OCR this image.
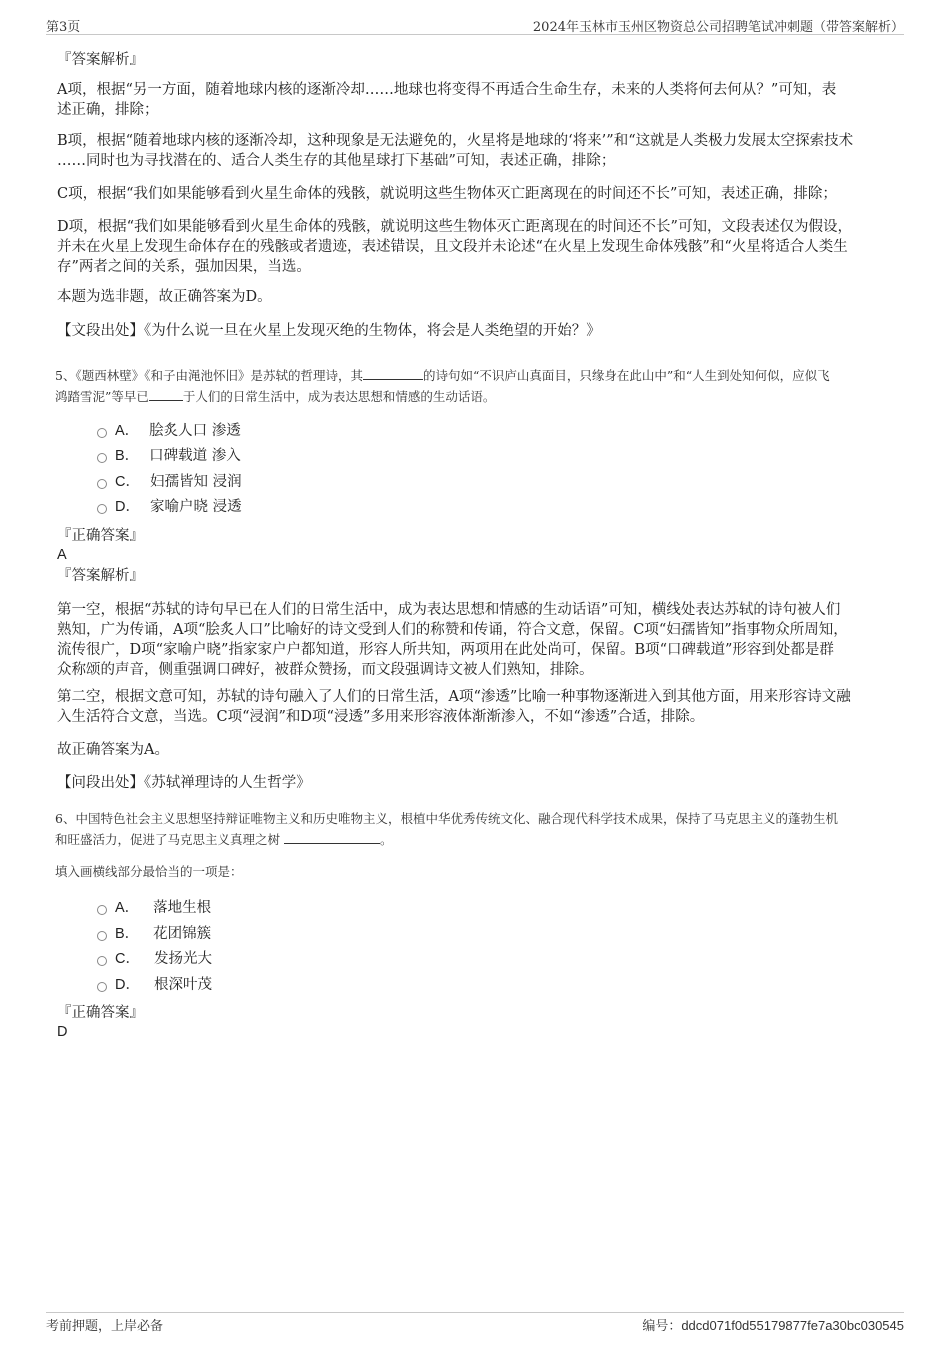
第3页	2024年玉林市玉州区物资总公司招聘笔试冲刺题（带答案解析）
『答案解析』
A项，根据“另一方面，随着地球内核的逐渐冷却……地球也将变得不再适合生命生存，未来的人类将何去何从？”可知，表
述正确，排除；
B项，根据“随着地球内核的逐渐冷却，这种现象是无法避免的，火星将是地球的‘将来’”和“这就是人类极力发展太空探索技术
……同时也为寻找潜在的、适合人类生存的其他星球打下基础”可知，表述正确，排除；
C项，根据“我们如果能够看到火星生命体的残骸，就说明这些生物体灭亡距离现在的时间还不长”可知，表述正确，排除；
D项，根据“我们如果能够看到火星生命体的残骸，就说明这些生物体灭亡距离现在的时间还不长”可知，文段表述仅为假设，
并未在火星上发现生命体存在的残骸或者遗迹，表述错误，且文段并未论述“在火星上发现生命体残骸”和“火星将适合人类生
存”两者之间的关系，强加因果，当选。
本题为选非题，故正确答案为D。
【文段出处】《为什么说一旦在火星上发现灭绝的生物体，将会是人类绝望的开始？》
5、《题西林壁》《和子由渑池怀旧》是苏轼的哲理诗，其	的诗句如“不识庐山真面目，只缘身在此山中”和“人生到处知何似，应似飞
鸿踏雪泥”等早已	于人们的日常生活中，成为表达思想和情感的生动话语。
A． 脍炙人口 渗透
B． 口碑载道 渗入
C． 妇孺皆知 浸润
D． 家喻户晓 浸透
『正确答案』
A
『答案解析』
第一空，根据“苏轼的诗句早已在人们的日常生活中，成为表达思想和情感的生动话语”可知，横线处表达苏轼的诗句被人们
熟知，广为传诵，A项“脍炙人口”比喻好的诗文受到人们的称赞和传诵，符合文意，保留。C项“妇孺皆知”指事物众所周知，
流传很广，D项“家喻户晓”指家家户户都知道，形容人所共知，两项用在此处尚可，保留。B项“口碑载道”形容到处都是群
众称颂的声音，侧重强调口碑好，被群众赞扬，而文段强调诗文被人们熟知，排除。
第二空，根据文意可知，苏轼的诗句融入了人们的日常生活，A项“渗透”比喻一种事物逐渐进入到其他方面，用来形容诗文融
入生活符合文意，当选。C项“浸润”和D项“浸透”多用来形容液体渐渐渗入，不如“渗透”合适，排除。
故正确答案为A。
【问段出处】《苏轼禅理诗的人生哲学》
6、中国特色社会主义思想坚持辩证唯物主义和历史唯物主义，根植中华优秀传统文化、融合现代科学技术成果，保持了马克思主义的蓬勃生机
和旺盛活力，促进了马克思主义真理之树	。
填入画横线部分最恰当的一项是：
A． 落地生根
B． 花团锦簇
C． 发扬光大
D． 根深叶茂
『正确答案』
D
考前押题，上岸必备	编号：ddcd071f0d55179877fe7a30bc030545
